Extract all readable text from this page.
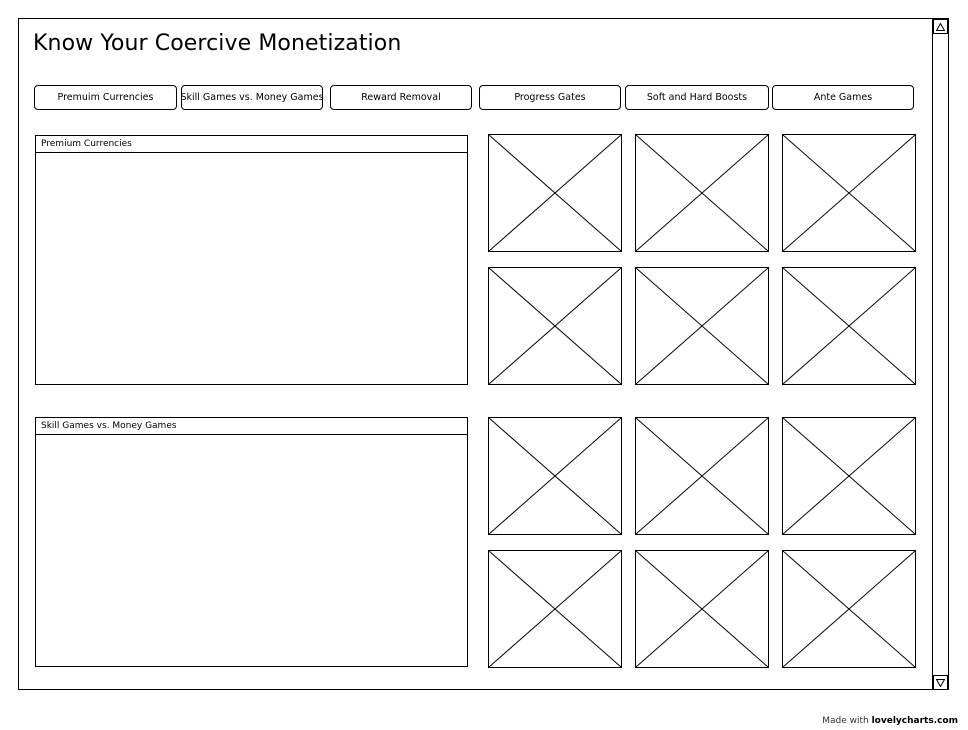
Know Your Coercive Monetization
Premuim Currencies	Skill Games vs. Money Games	Reward Removal	Progress Gates	Soft and Hard Boosts	Ante Games
Premium Currencies
Skill Games vs. Money Games
Made with lovelycharts.com
